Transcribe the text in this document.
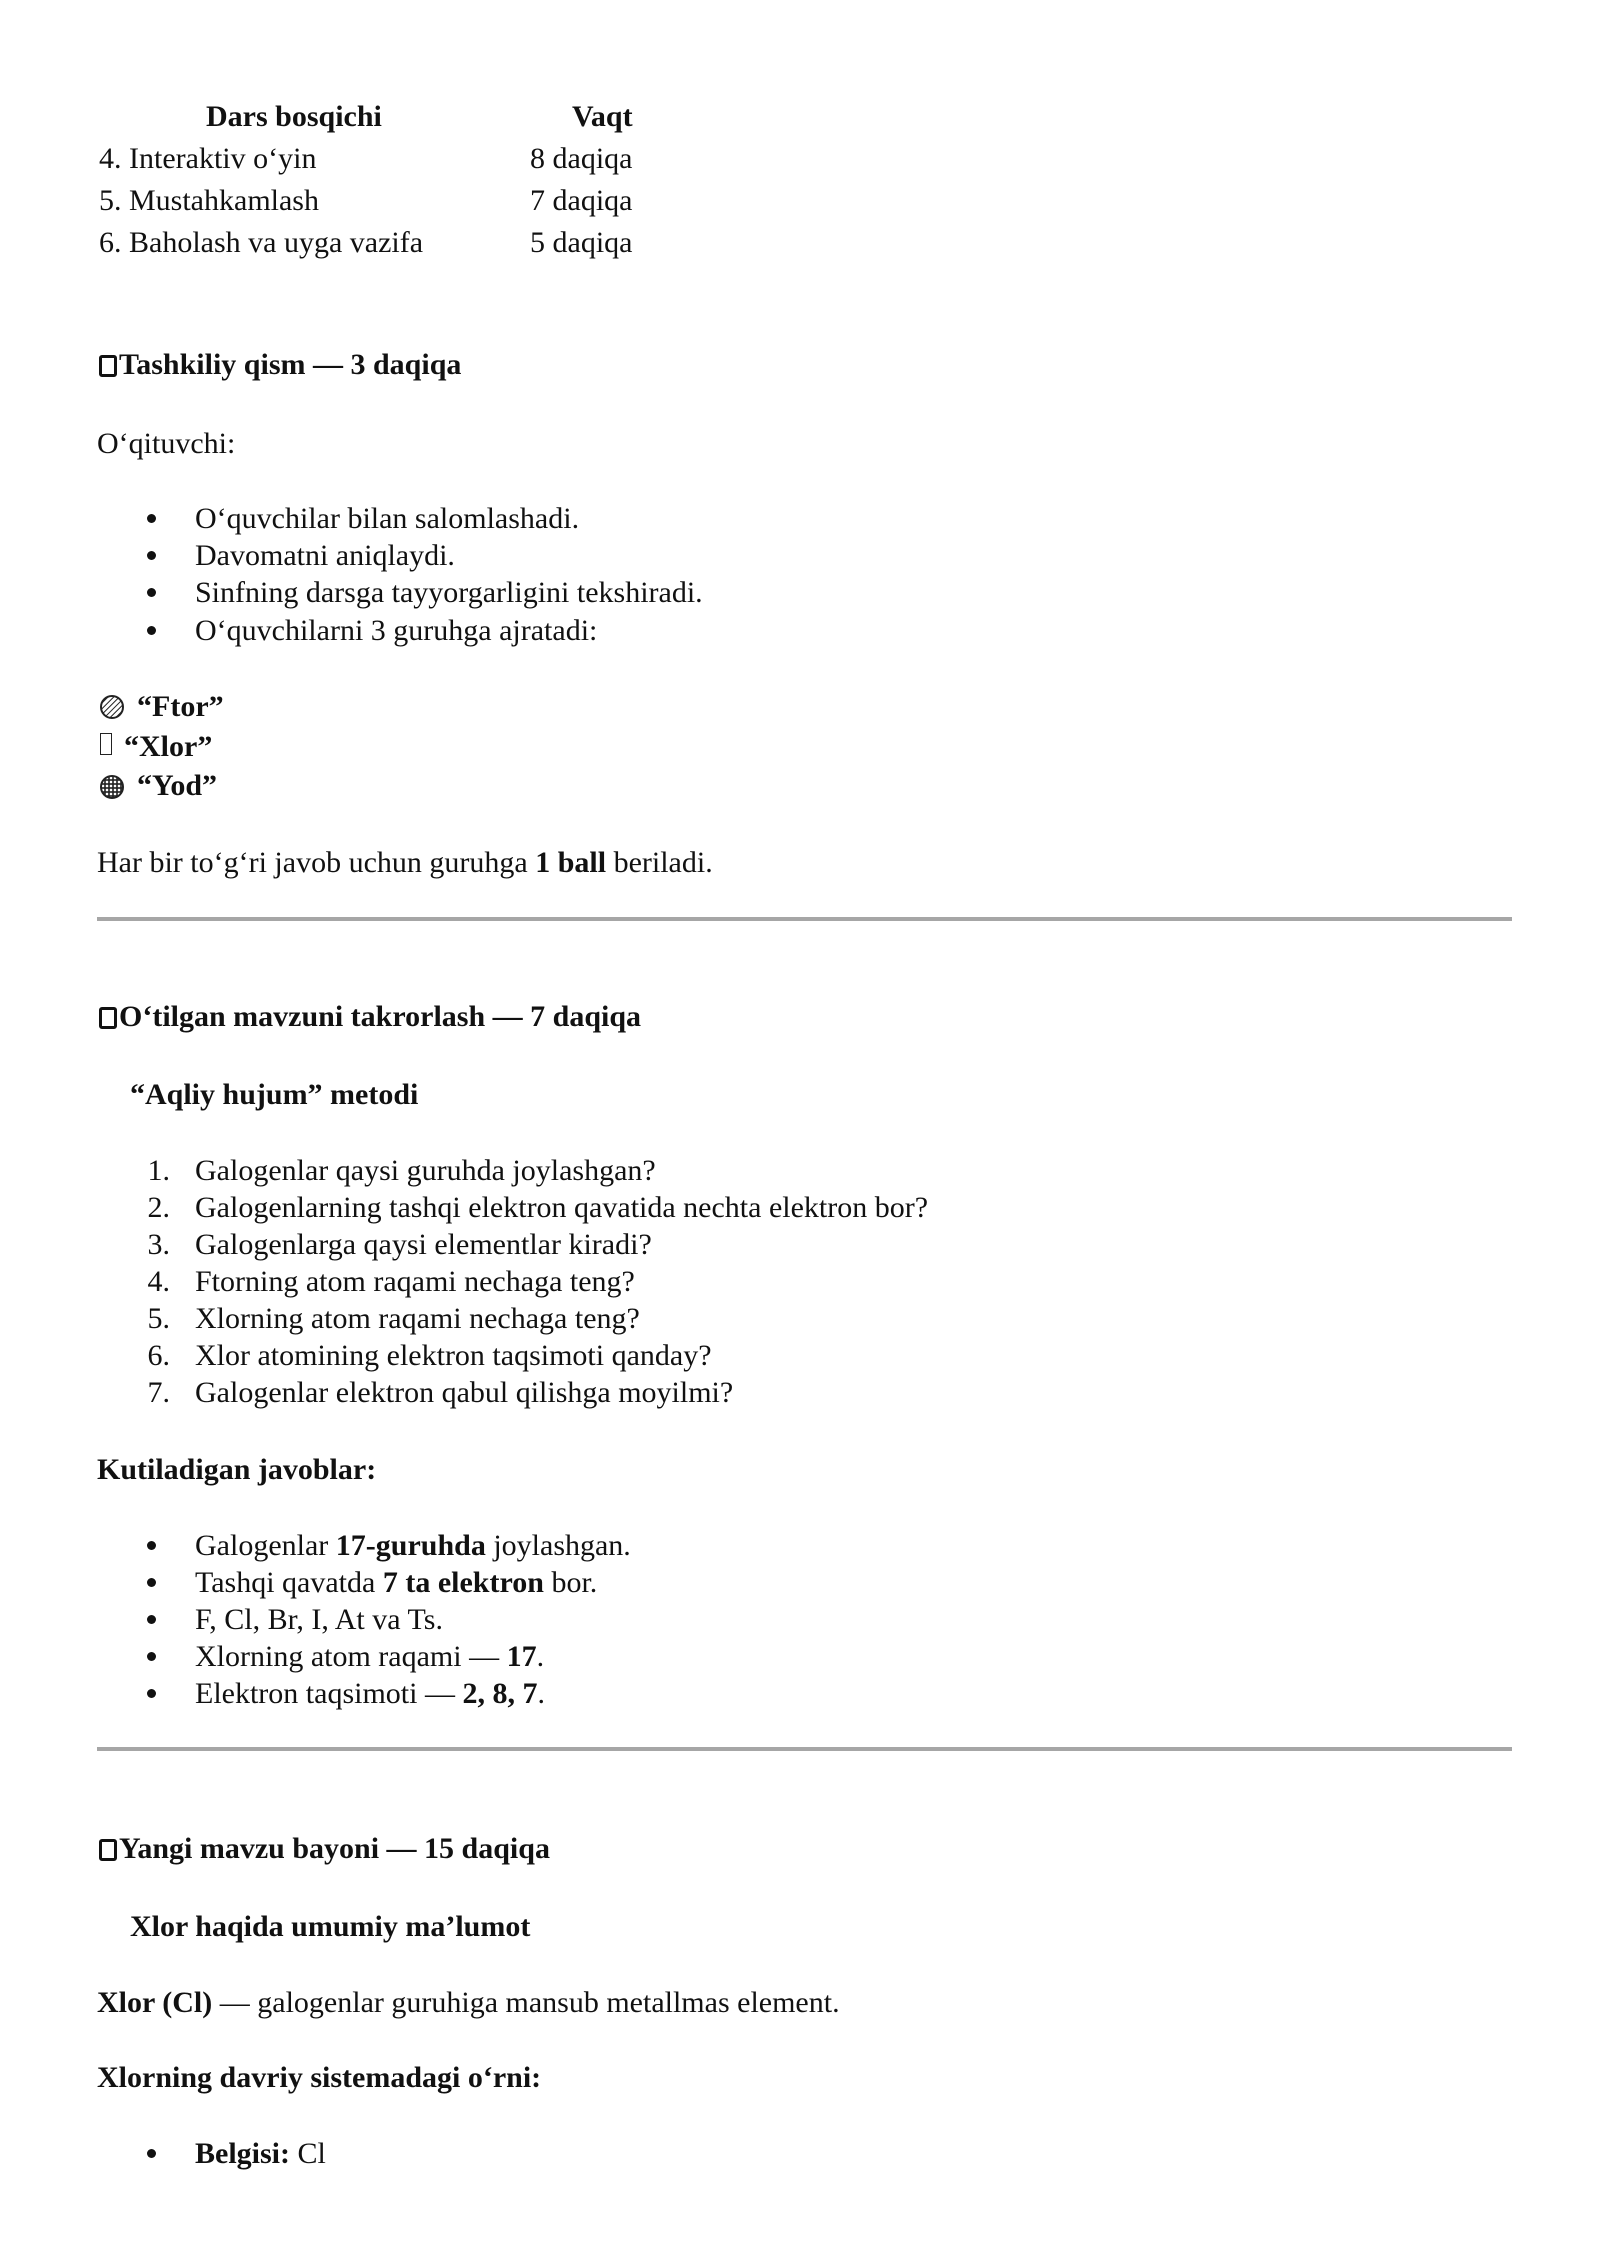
Dars bosqichi	Vaqt
4. Interaktiv o‘yin	8 daqiqa
5. Mustahkamlash	7 daqiqa
6. Baholash va uyga vazifa	5 daqiqa
Tashkiliy qism — 3 daqiqa
O‘qituvchi:
O‘quvchilar bilan salomlashadi.
Davomatni aniqlaydi.
Sinfning darsga tayyorgarligini tekshiradi.
O‘quvchilarni 3 guruhga ajratadi:
“Ftor”
“Xlor”
“Yod”
Har bir to‘g‘ri javob uchun guruhga 1 ball beriladi.
O‘tilgan mavzuni takrorlash — 7 daqiqa
“Aqliy hujum” metodi
1. Galogenlar qaysi guruhda joylashgan?
2. Galogenlarning tashqi elektron qavatida nechta elektron bor?
3. Galogenlarga qaysi elementlar kiradi?
4. Ftorning atom raqami nechaga teng?
5. Xlorning atom raqami nechaga teng?
6. Xlor atomining elektron taqsimoti qanday?
7. Galogenlar elektron qabul qilishga moyilmi?
Kutiladigan javoblar:
Galogenlar 17-guruhda joylashgan.
Tashqi qavatda 7 ta elektron bor.
F, Cl, Br, I, At va Ts.
Xlorning atom raqami — 17.
Elektron taqsimoti — 2, 8, 7.
Yangi mavzu bayoni — 15 daqiqa
Xlor haqida umumiy ma’lumot
Xlor (Cl) — galogenlar guruhiga mansub metallmas element.
Xlorning davriy sistemadagi o‘rni:
Belgisi: Cl
